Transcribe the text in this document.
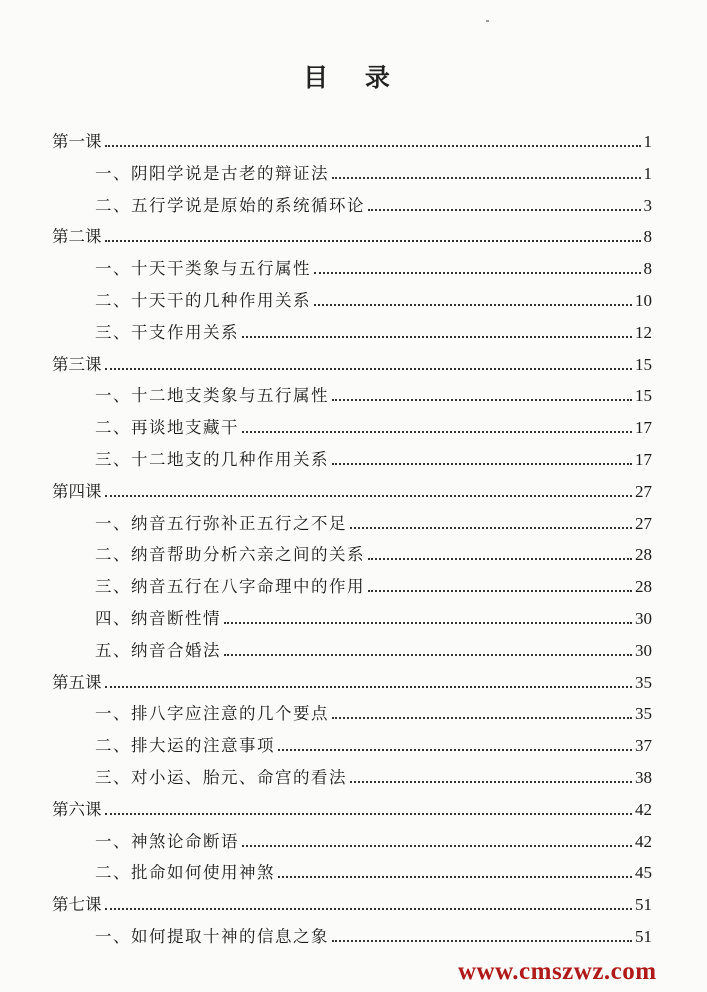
目 录
第一课	1
一、阴阳学说是古老的辩证法	1
二、五行学说是原始的系统循环论	3
第二课	8
一、十天干类象与五行属性	8
二、十天干的几种作用关系	10
三、干支作用关系	12
第三课	15
一、十二地支类象与五行属性	15
二、再谈地支藏干	17
三、十二地支的几种作用关系	17
第四课	27
一、纳音五行弥补正五行之不足	27
二、纳音帮助分析六亲之间的关系	28
三、纳音五行在八字命理中的作用	28
四、纳音断性情	30
五、纳音合婚法	30
第五课	35
一、排八字应注意的几个要点	35
二、排大运的注意事项	37
三、对小运、胎元、命宫的看法	38
第六课	42
一、神煞论命断语	42
二、批命如何使用神煞	45
第七课	51
一、如何提取十神的信息之象	51
www.cmszwz.com
